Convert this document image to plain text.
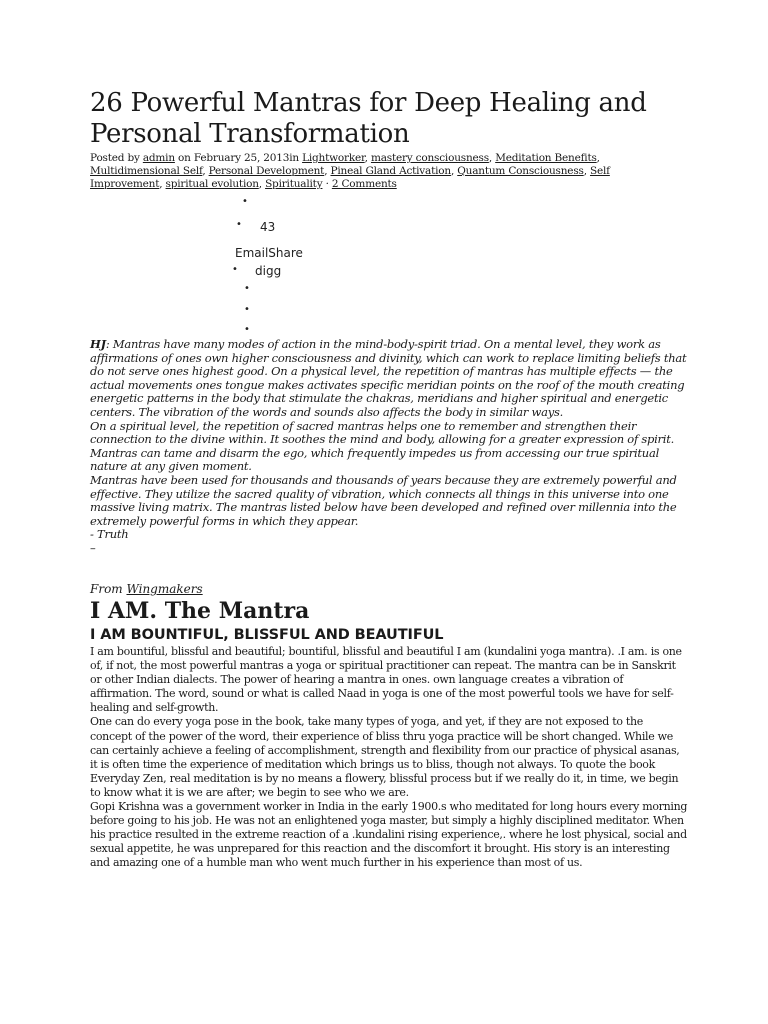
26 Powerful Mantras for Deep Healing and Personal Transformation
Posted by admin on February 25, 2013in Lightworker, mastery consciousness, Meditation Benefits, Multidimensional Self, Personal Development, Pineal Gland Activation, Quantum Consciousness, Self Improvement, spiritual evolution, Spirituality · 2 Comments
•
• 43
EmailShare
• digg
•
•
•

HJ: Mantras have many modes of action in the mind-body-spirit triad. On a mental level, they work as affirmations of ones own higher consciousness and divinity, which can work to replace limiting beliefs that do not serve ones highest good. On a physical level, the repetition of mantras has multiple effects — the actual movements ones tongue makes activates specific meridian points on the roof of the mouth creating energetic patterns in the body that stimulate the chakras, meridians and higher spiritual and energetic centers. The vibration of the words and sounds also affects the body in similar ways.

On a spiritual level, the repetition of sacred mantras helps one to remember and strengthen their connection to the divine within. It soothes the mind and body, allowing for a greater expression of spirit. Mantras can tame and disarm the ego, which frequently impedes us from accessing our true spiritual nature at any given moment.

Mantras have been used for thousands and thousands of years because they are extremely powerful and effective. They utilize the sacred quality of vibration, which connects all things in this universe into one massive living matrix. The mantras listed below have been developed and refined over millennia into the extremely powerful forms in which they appear.

- Truth

–

From Wingmakers
I AM. The Mantra
I AM BOUNTIFUL, BLISSFUL AND BEAUTIFUL

I am bountiful, blissful and beautiful; bountiful, blissful and beautiful I am (kundalini yoga mantra). .I am. is one of, if not, the most powerful mantras a yoga or spiritual practitioner can repeat. The mantra can be in Sanskrit or other Indian dialects. The power of hearing a mantra in ones. own language creates a vibration of affirmation. The word, sound or what is called Naad in yoga is one of the most powerful tools we have for self-healing and self-growth.

One can do every yoga pose in the book, take many types of yoga, and yet, if they are not exposed to the concept of the power of the word, their experience of bliss thru yoga practice will be short changed. While we can certainly achieve a feeling of accomplishment, strength and flexibility from our practice of physical asanas, it is often time the experience of meditation which brings us to bliss, though not always. To quote the book Everyday Zen, real meditation is by no means a flowery, blissful process but if we really do it, in time, we begin to know what it is we are after; we begin to see who we are.

Gopi Krishna was a government worker in India in the early 1900.s who meditated for long hours every morning before going to his job. He was not an enlightened yoga master, but simply a highly disciplined meditator. When his practice resulted in the extreme reaction of a .kundalini rising experience,. where he lost physical, social and sexual appetite, he was unprepared for this reaction and the discomfort it brought. His story is an interesting and amazing one of a humble man who went much further in his experience than most of us.
